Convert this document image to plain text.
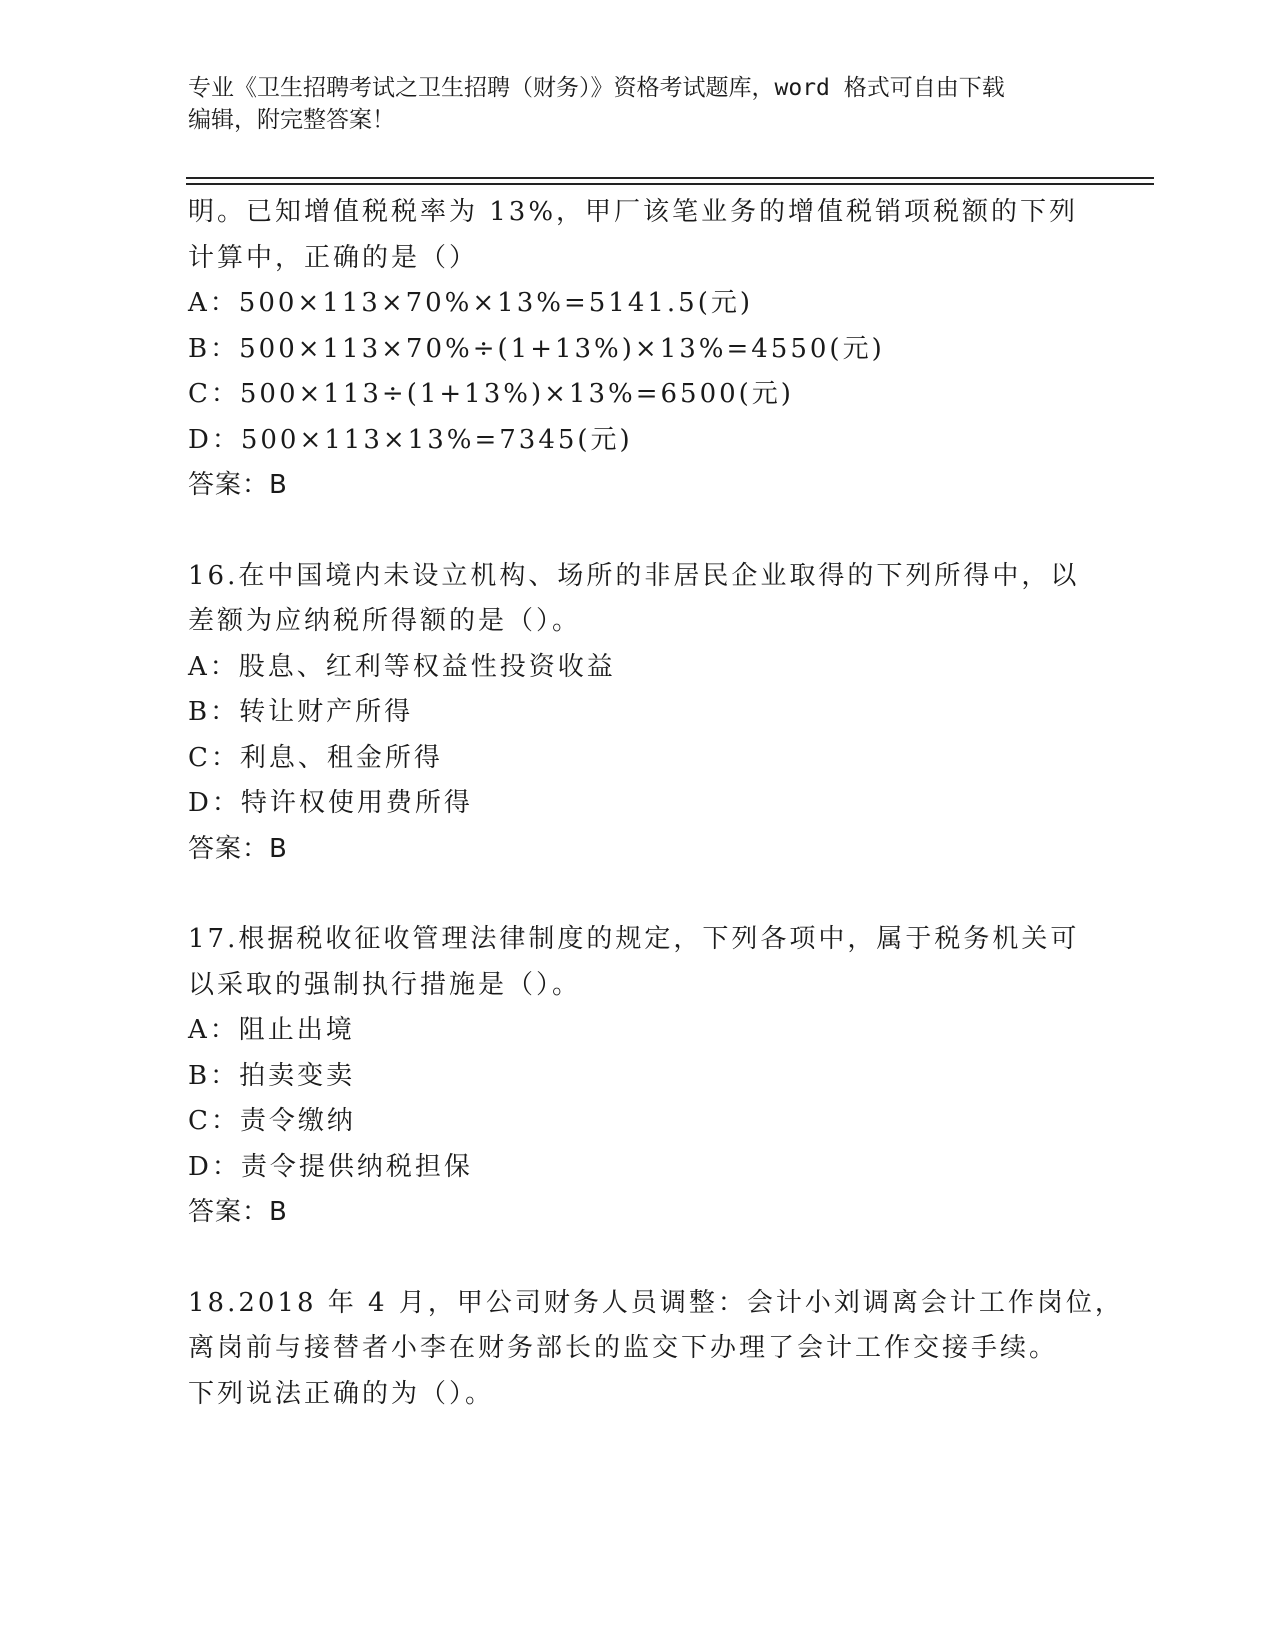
专业《卫生招聘考试之卫生招聘（财务）》资格考试题库，word 格式可自由下载
编辑，附完整答案！
明。已知增值税税率为 13%，甲厂该笔业务的增值税销项税额的下列
计算中，正确的是（）
A：500×113×70%×13%=5141.5(元)
B：500×113×70%÷(1+13%)×13%=4550(元)
C：500×113÷(1+13%)×13%=6500(元)
D：500×113×13%=7345(元)
答案：B
16.在中国境内未设立机构、场所的非居民企业取得的下列所得中，以
差额为应纳税所得额的是（）。
A：股息、红利等权益性投资收益
B：转让财产所得
C：利息、租金所得
D：特许权使用费所得
答案：B
17.根据税收征收管理法律制度的规定，下列各项中，属于税务机关可
以采取的强制执行措施是（）。
A：阻止出境
B：拍卖变卖
C：责令缴纳
D：责令提供纳税担保
答案：B
18.2018 年 4 月，甲公司财务人员调整：会计小刘调离会计工作岗位，
离岗前与接替者小李在财务部长的监交下办理了会计工作交接手续。
下列说法正确的为（）。
